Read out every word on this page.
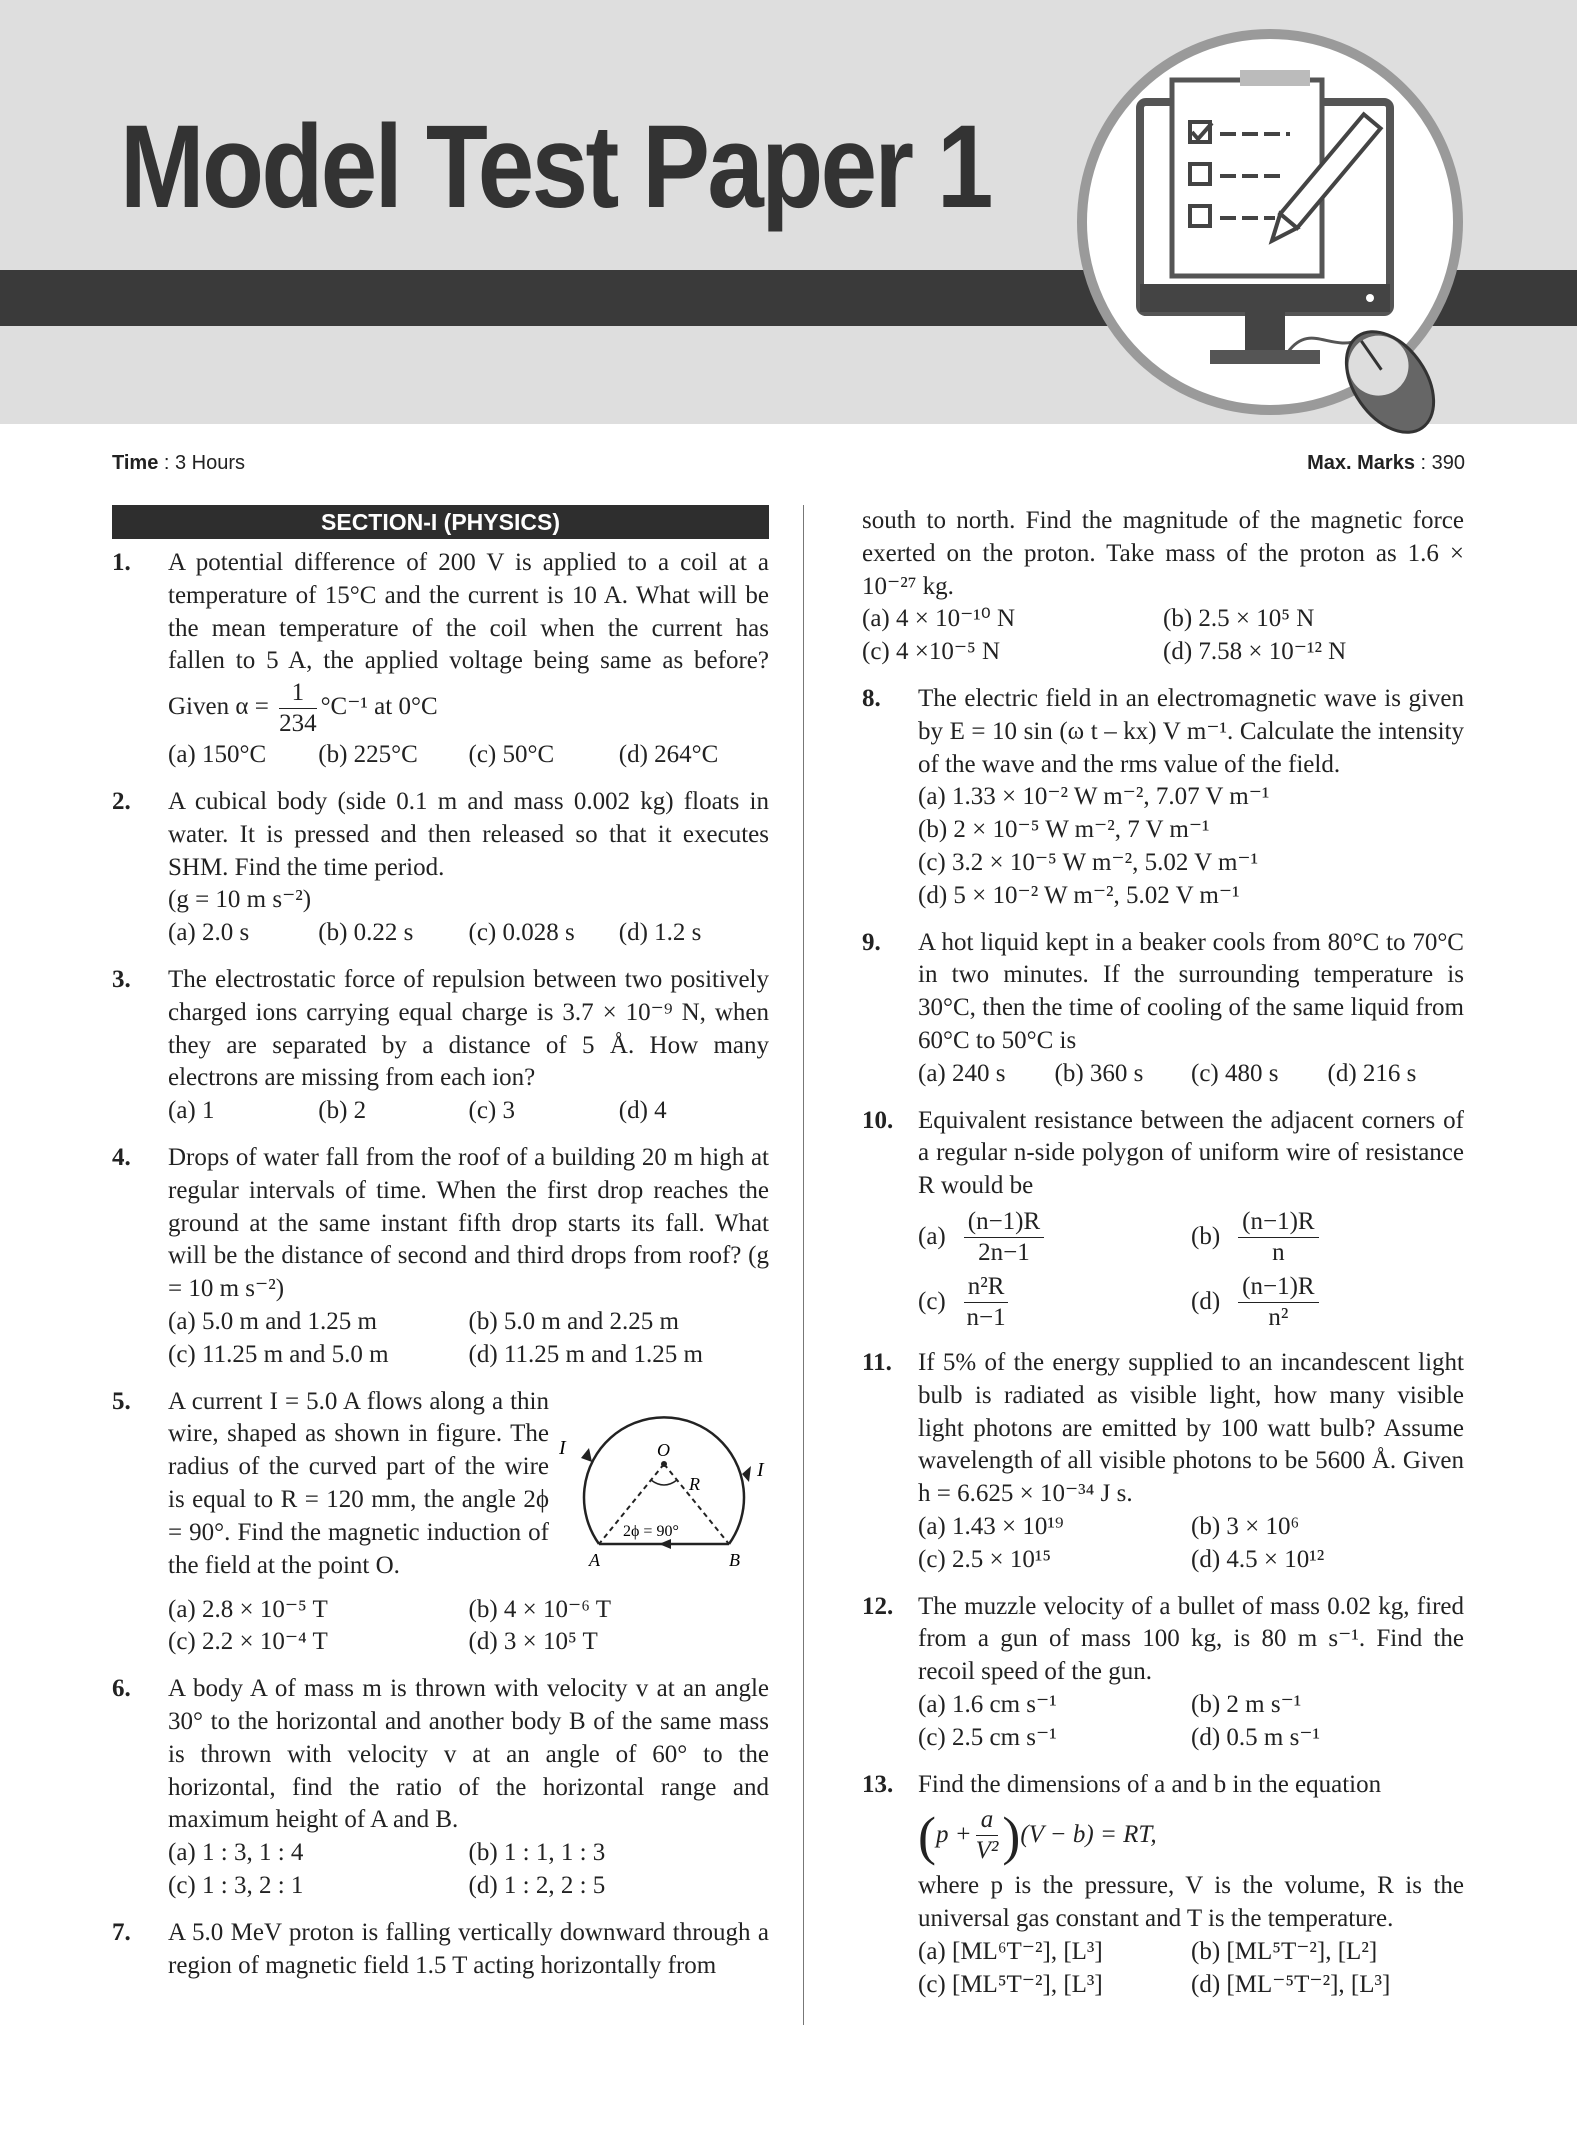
Model Test Paper 1
Time : 3 Hours	Max. Marks : 390
SECTION-I (PHYSICS)
1. A potential difference of 200 V is applied to a coil at a temperature of 15°C and the current is 10 A. What will be the mean temperature of the coil when the current has fallen to 5 A, the applied voltage being same as before? Given $\alpha = \frac{1}{234} ^\circ C^{-1}$ at 0°C
(a) 150°C	(b) 225°C	(c) 50°C	(d) 264°C
2. A cubical body (side 0.1 m and mass 0.002 kg) floats in water. It is pressed and then released so that it executes SHM. Find the time period.
(g = 10 m s⁻²)
(a) 2.0 s	(b) 0.22 s	(c) 0.028 s	(d) 1.2 s
3. The electrostatic force of repulsion between two positively charged ions carrying equal charge is 3.7 × 10⁻⁹ N, when they are separated by a distance of 5 Å. How many electrons are missing from each ion?
(a) 1	(b) 2	(c) 3	(d) 4
4. Drops of water fall from the roof of a building 20 m high at regular intervals of time. When the first drop reaches the ground at the same instant fifth drop starts its fall. What will be the distance of second and third drops from roof? (g = 10 m s⁻²)
(a) 5.0 m and 1.25 m	(b) 5.0 m and 2.25 m
(c) 11.25 m and 5.0 m	(d) 11.25 m and 1.25 m
5.
I
I
O
R
2ϕ = 90°
A	B
A current I = 5.0 A flows along a thin wire, shaped as shown in figure. The radius of the curved part of the wire is equal to R = 120 mm, the angle 2ϕ = 90°. Find the magnetic induction of the field at the point O.
(a) 2.8 × 10⁻⁵ T	(b) 4 × 10⁻⁶ T
(c) 2.2 × 10⁻⁴ T	(d) 3 × 10⁵ T
6. A body A of mass m is thrown with velocity v at an angle 30° to the horizontal and another body B of the same mass is thrown with velocity v at an angle of 60° to the horizontal, find the ratio of the horizontal range and maximum height of A and B.
(a) 1 : 3, 1 : 4	(b) 1 : 1, 1 : 3
(c) 1 : 3, 2 : 1	(d) 1 : 2, 2 : 5
7. A 5.0 MeV proton is falling vertically downward through a region of magnetic field 1.5 T acting horizontally from
south to north. Find the magnitude of the magnetic force exerted on the proton. Take mass of the proton as 1.6 × 10⁻²⁷ kg.
(a) 4 × 10⁻¹⁰ N	(b) 2.5 × 10⁵ N
(c) 4 ×10⁻⁵ N	(d) 7.58 × 10⁻¹² N
8. The electric field in an electromagnetic wave is given by E = 10 sin (ω t – kx) V m⁻¹. Calculate the intensity of the wave and the rms value of the field.
(a) 1.33 × 10⁻² W m⁻², 7.07 V m⁻¹
(b) 2 × 10⁻⁵ W m⁻², 7 V m⁻¹
(c) 3.2 × 10⁻⁵ W m⁻², 5.02 V m⁻¹
(d) 5 × 10⁻² W m⁻², 5.02 V m⁻¹
9. A hot liquid kept in a beaker cools from 80°C to 70°C in two minutes. If the surrounding temperature is 30°C, then the time of cooling of the same liquid from 60°C to 50°C is
(a) 240 s	(b) 360 s	(c) 480 s	(d) 216 s
10. Equivalent resistance between the adjacent corners of a regular n-side polygon of uniform wire of resistance R would be
$(a) \frac{(n-1)R}{2n-1}$	$(b) \frac{(n-1)R}{n}$
$(c) \frac{\text{n²R}}{n-1}$	$(d) \frac{(n-1)R}{\text{n²}}$
11. If 5% of the energy supplied to an incandescent light bulb is radiated as visible light, how many visible light photons are emitted by 100 watt bulb? Assume wavelength of all visible photons to be 5600 Å. Given h = 6.625 × 10⁻³⁴ J s.
(a) 1.43 × 10¹⁹	(b) 3 × 10⁶
(c) 2.5 × 10¹⁵	(d) 4.5 × 10¹²
12. The muzzle velocity of a bullet of mass 0.02 kg, fired from a gun of mass 100 kg, is 80 m s⁻¹. Find the recoil speed of the gun.
(a) 1.6 cm s⁻¹	(b) 2 m s⁻¹
(c) 2.5 cm s⁻¹	(d) 0.5 m s⁻¹
13. Find the dimensions of a and b in the equation
( $p + \frac{a}{\text{V²}}$ ) (V − b) = RT,
where p is the pressure, V is the volume, R is the universal gas constant and T is the temperature.
(a) [ML⁶T⁻²], [L³]	(b) [ML⁵T⁻²], [L²]
(c) [ML⁵T⁻²], [L³]	(d) [ML⁻⁵T⁻²], [L³]
